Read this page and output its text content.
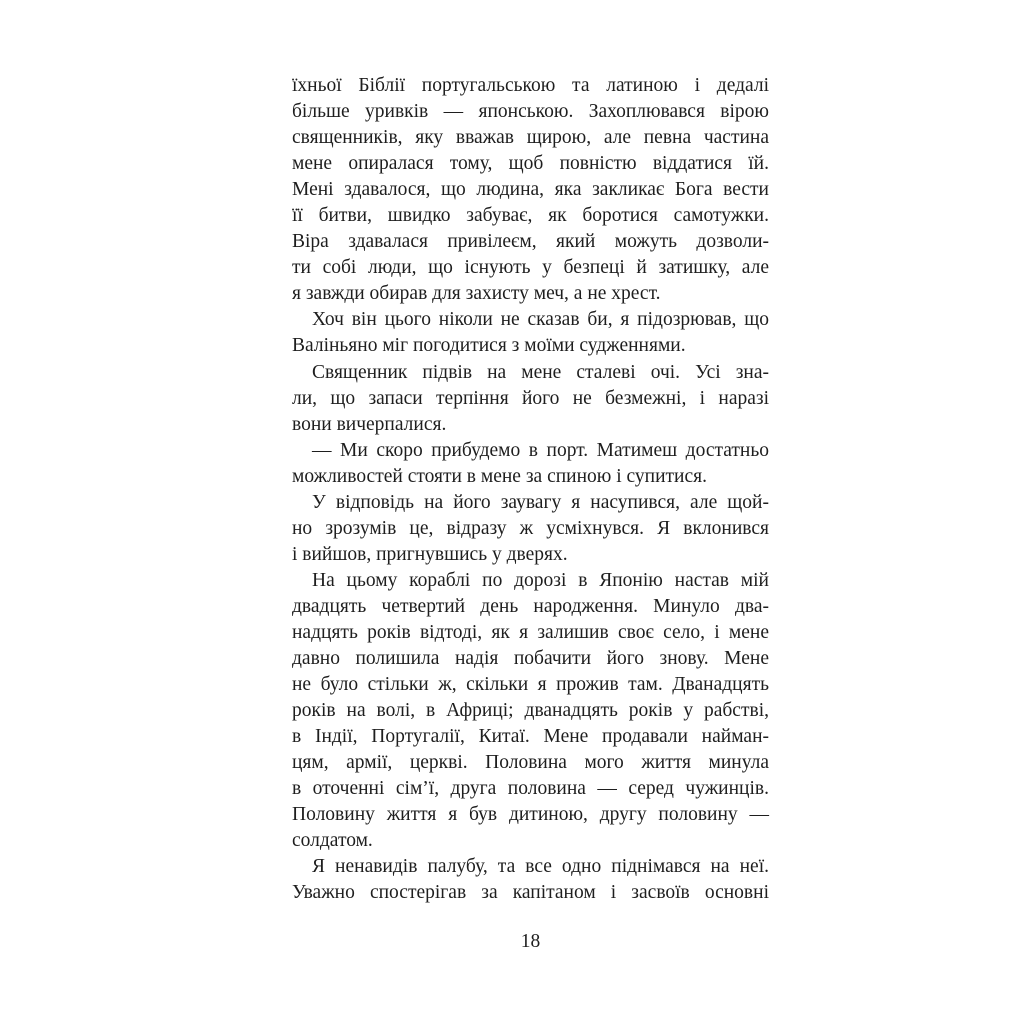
їхньої Біблії португальською та латиною і дедалі
більше уривків — японською. Захоплювався вірою
священників, яку вважав щирою, але певна частина
мене опиралася тому, щоб повністю віддатися їй.
Мені здавалося, що людина, яка закликає Бога вести
її битви, швидко забуває, як боротися самотужки.
Віра здавалася привілеєм, який можуть дозволи-
ти собі люди, що існують у безпеці й затишку, але
я завжди обирав для захисту меч, а не хрест.
Хоч він цього ніколи не сказав би, я підозрював, що
Валіньяно міг погодитися з моїми судженнями.
Священник підвів на мене сталеві очі. Усі зна-
ли, що запаси терпіння його не безмежні, і наразі
вони вичерпалися.
— Ми скоро прибудемо в порт. Матимеш достатньо
можливостей стояти в мене за спиною і супитися.
У відповідь на його заувагу я насупився, але щой-
но зрозумів це, відразу ж усміхнувся. Я вклонився
і вийшов, пригнувшись у дверях.
На цьому кораблі по дорозі в Японію настав мій
двадцять четвертий день народження. Минуло два-
надцять років відтоді, як я залишив своє село, і мене
давно полишила надія побачити його знову. Мене
не було стільки ж, скільки я прожив там. Дванадцять
років на волі, в Африці; дванадцять років у рабстві,
в Індії, Португалії, Китаї. Мене продавали найман-
цям, армії, церкві. Половина мого життя минула
в оточенні сім’ї, друга половина — серед чужинців.
Половину життя я був дитиною, другу половину —
солдатом.
Я ненавидів палубу, та все одно піднімався на неї.
Уважно спостерігав за капітаном і засвоїв основні
18
